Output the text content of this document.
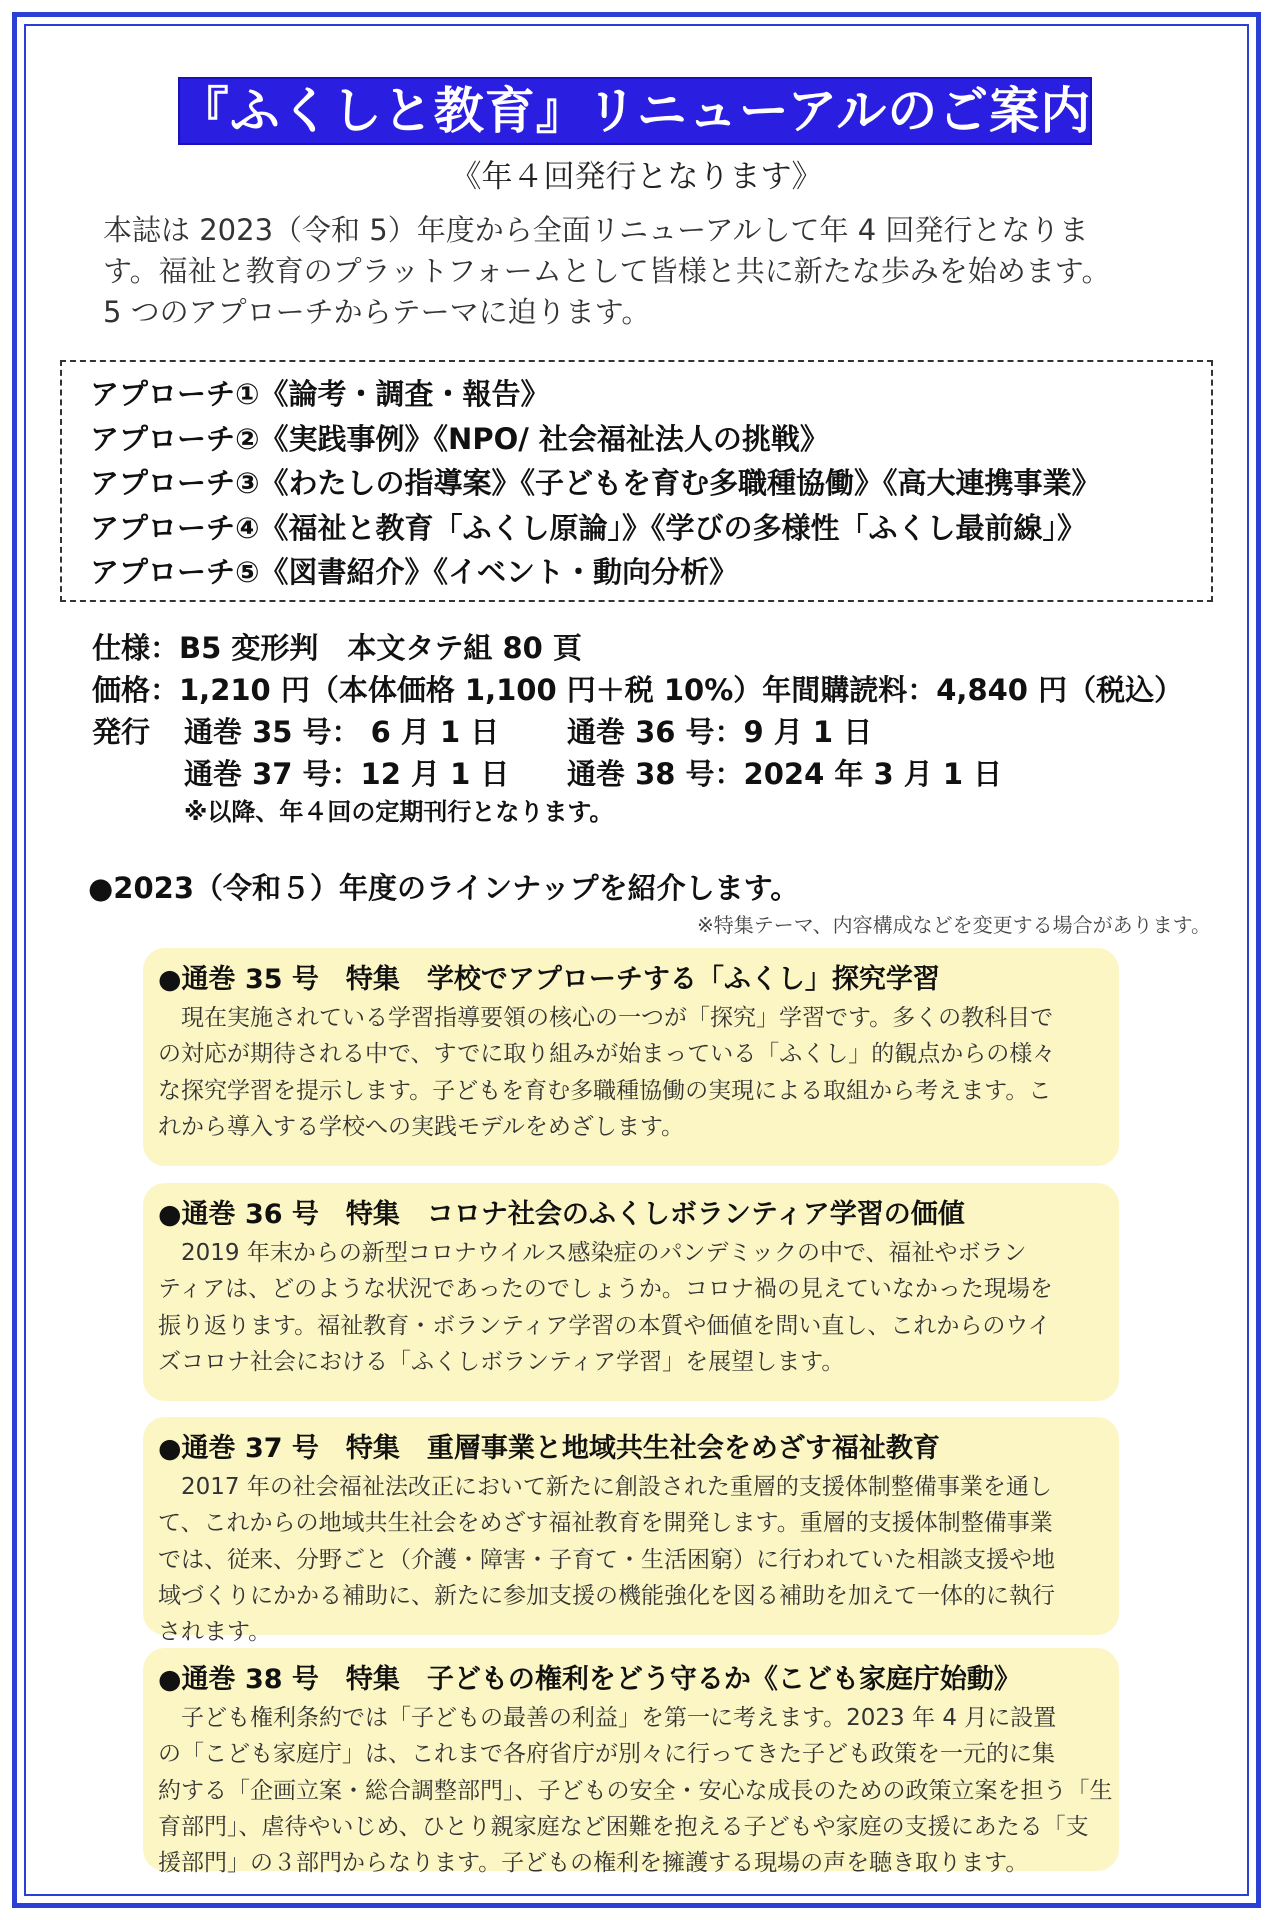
『ふくしと教育』リニューアルのご案内
《年４回発行となります》

本誌は 2023（令和 5）年度から全面リニューアルして年 4 回発行となりま

す。福祉と教育のプラットフォームとして皆様と共に新たな歩みを始めます。

5 つのアプローチからテーマに迫ります。

アプローチ①《論考・調査・報告》
アプローチ②《実践事例》《NPO/ 社会福祉法人の挑戦》
アプローチ③《わたしの指導案》《子どもを育む多職種協働》《高大連携事業》
アプローチ④《福祉と教育「ふくし原論」》《学びの多様性「ふくし最前線」》
アプローチ⑤《図書紹介》《イベント・動向分析》
仕様：B5 変形判　本文タテ組 80 頁
価格：1,210 円（本体価格 1,100 円＋税 10%）年間購読料：4,840 円（税込）
発行	通巻 35 号： 6 月 1 日	通巻 36 号：9 月 1 日
通巻 37 号：12 月 1 日	通巻 38 号：2024 年 3 月 1 日
※以降、年４回の定期刊行となります。
●2023（令和５）年度のラインナップを紹介します。
※特集テーマ、内容構成などを変更する場合があります。
●通巻 35 号　特集　学校でアプローチする「ふくし」探究学習

　現在実施されている学習指導要領の核心の一つが「探究」学習です。多くの教科目で
の対応が期待される中で、すでに取り組みが始まっている「ふくし」的観点からの様々
な探究学習を提示します。子どもを育む多職種協働の実現による取組から考えます。こ
れから導入する学校への実践モデルをめざします。

●通巻 36 号　特集　コロナ社会のふくしボランティア学習の価値

　2019 年末からの新型コロナウイルス感染症のパンデミックの中で、福祉やボラン
ティアは、どのような状況であったのでしょうか。コロナ禍の見えていなかった現場を
振り返ります。福祉教育・ボランティア学習の本質や価値を問い直し、これからのウイ
ズコロナ社会における「ふくしボランティア学習」を展望します。

●通巻 37 号　特集　重層事業と地域共生社会をめざす福祉教育

　2017 年の社会福祉法改正において新たに創設された重層的支援体制整備事業を通し
て、これからの地域共生社会をめざす福祉教育を開発します。重層的支援体制整備事業
では、従来、分野ごと（介護・障害・子育て・生活困窮）に行われていた相談支援や地
域づくりにかかる補助に、新たに参加支援の機能強化を図る補助を加えて一体的に執行
されます。

●通巻 38 号　特集　子どもの権利をどう守るか《こども家庭庁始動》

　子ども権利条約では「子どもの最善の利益」を第一に考えます。2023 年 4 月に設置
の「こども家庭庁」は、これまで各府省庁が別々に行ってきた子ども政策を一元的に集
約する「企画立案・総合調整部門」、子どもの安全・安心な成長のための政策立案を担う「生
育部門」、虐待やいじめ、ひとり親家庭など困難を抱える子どもや家庭の支援にあたる「支
援部門」の３部門からなります。子どもの権利を擁護する現場の声を聴き取ります。
